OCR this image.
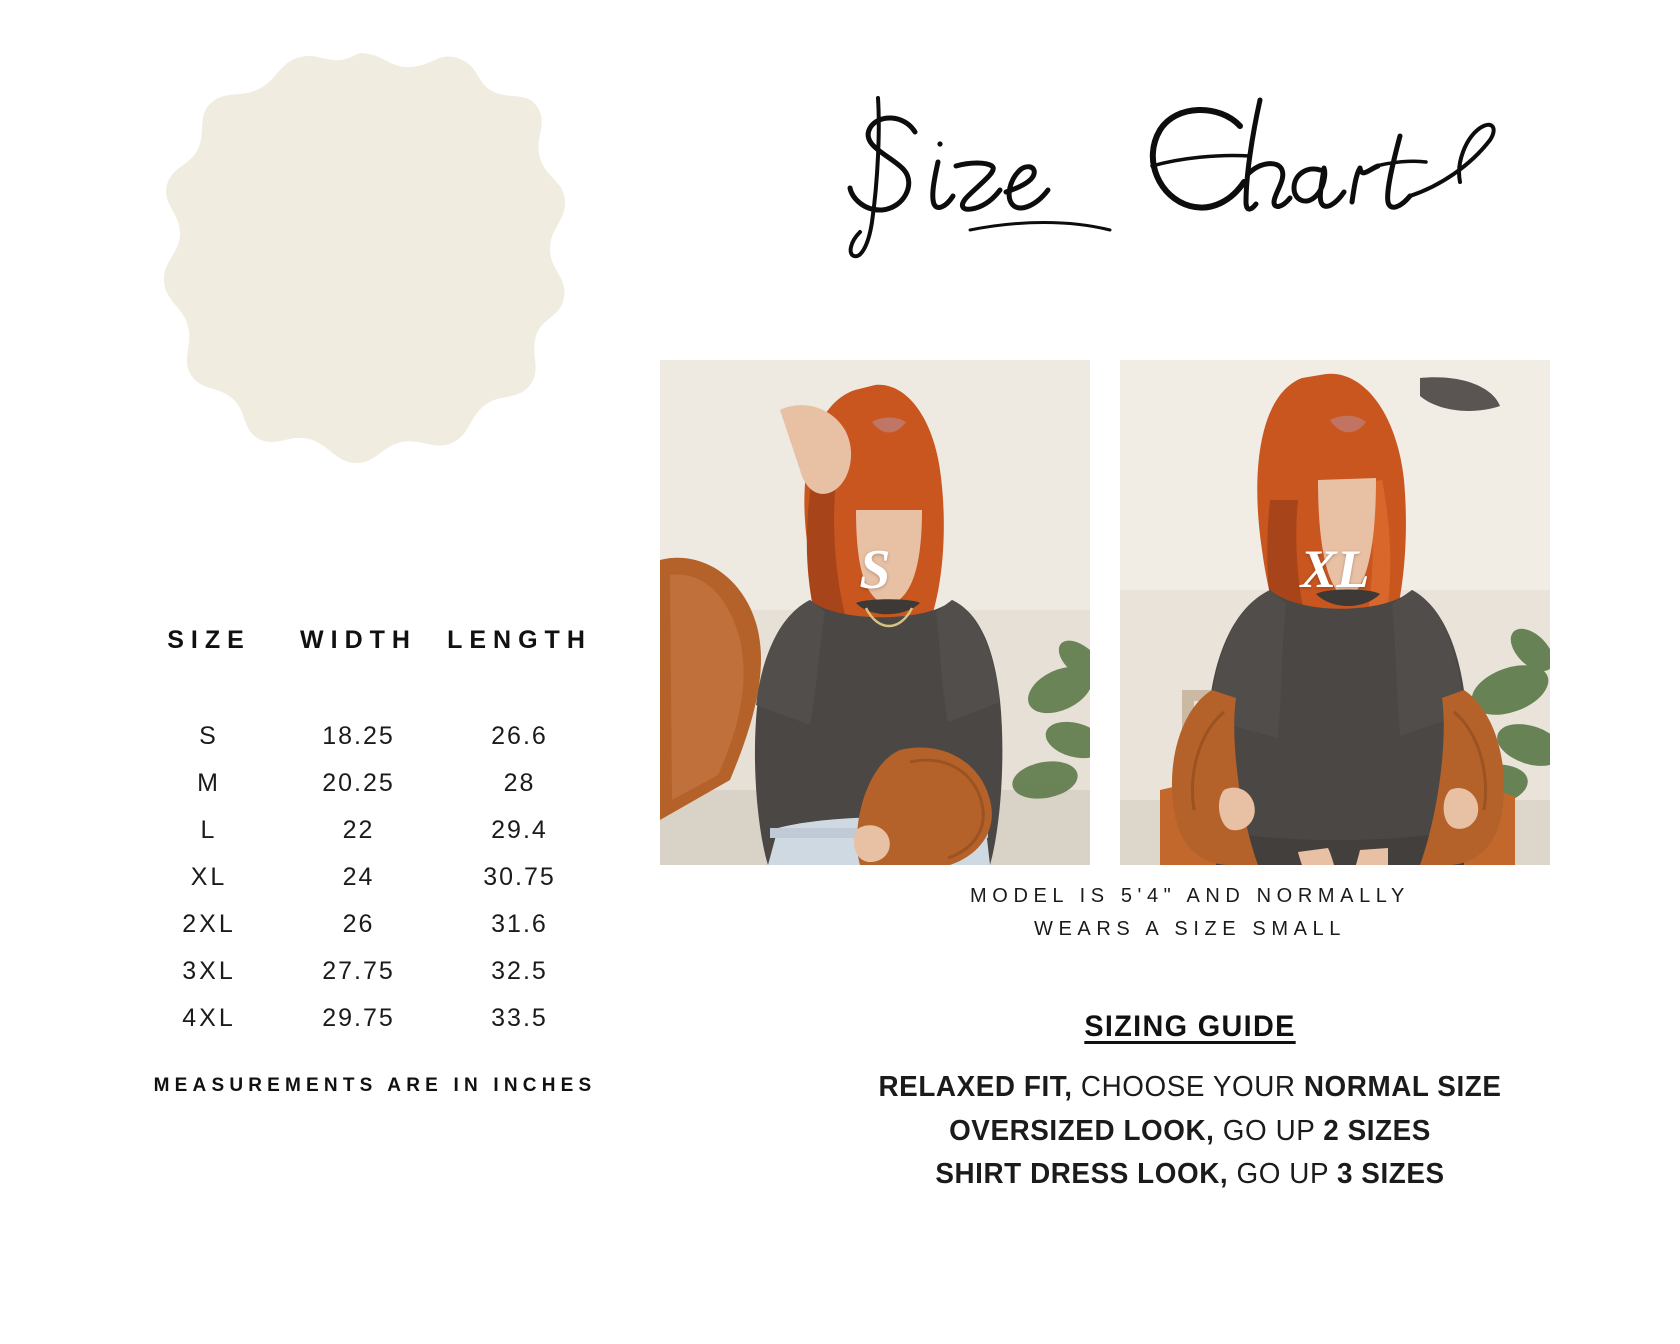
SIZE	WIDTH	LENGTH
S	18.25	26.6
M	20.25	28
L	22	29.4
XL	24	30.75
2XL	26	31.6
3XL	27.75	32.5
4XL	29.75	33.5
MEASUREMENTS ARE IN INCHES
S	XL
MODEL IS 5'4" AND NORMALLY
WEARS A SIZE SMALL
SIZING GUIDE
RELAXED FIT, CHOOSE YOUR NORMAL SIZE
OVERSIZED LOOK, GO UP 2 SIZES
SHIRT DRESS LOOK, GO UP 3 SIZES
